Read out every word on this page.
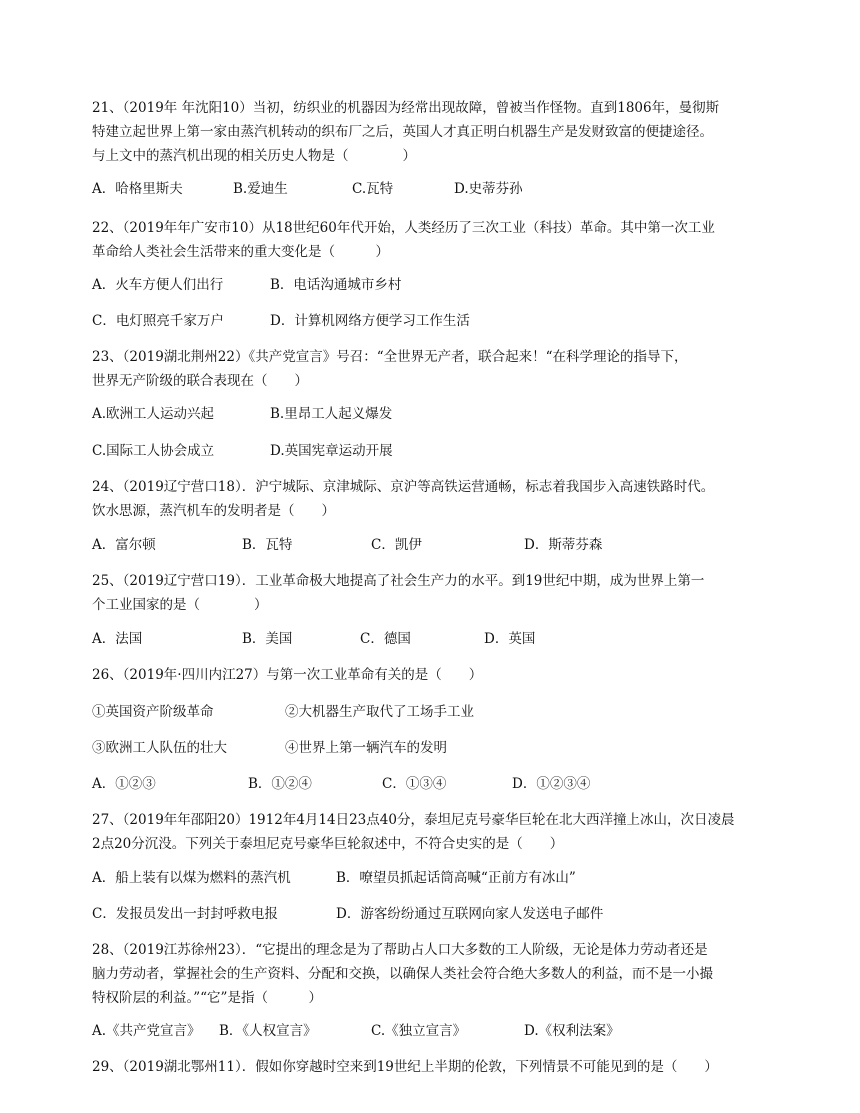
21、（2019年 年沈阳10）当初，纺织业的机器因为经常出现故障，曾被当作怪物。直到1806年，曼彻斯
特建立起世界上第一家由蒸汽机转动的织布厂之后，英国人才真正明白机器生产是发财致富的便捷途径。
与上文中的蒸汽机出现的相关历史人物是（　　　　）
A．哈格里斯夫	B.爱迪生	C.瓦特	D.史蒂芬孙
22、（2019年年广安市10）从18世纪60年代开始，人类经历了三次工业（科技）革命。其中第一次工业
革命给人类社会生活带来的重大变化是（　　　）
A．火车方便人们出行	B．电话沟通城市乡村
C．电灯照亮千家万户	D．计算机网络方便学习工作生活
23、（2019湖北荆州22）《共产党宣言》号召：“全世界无产者，联合起来！“在科学理论的指导下，
世界无产阶级的联合表现在（　　）
A.欧洲工人运动兴起	B.里昂工人起义爆发
C.国际工人协会成立	D.英国宪章运动开展
24、（2019辽宁营口18）．沪宁城际、京津城际、京沪等高铁运营通畅，标志着我国步入高速铁路时代。
饮水思源，蒸汽机车的发明者是（　　）
A．富尔顿	B．瓦特	C．凯伊	D．斯蒂芬森
25、（2019辽宁营口19）．工业革命极大地提高了社会生产力的水平。到19世纪中期，成为世界上第一
个工业国家的是（　　　　）
A．法国	B．美国	C．德国	D．英国
26、（2019年·四川内江27）与第一次工业革命有关的是（　　）
①英国资产阶级革命	②大机器生产取代了工场手工业
③欧洲工人队伍的壮大	④世界上第一辆汽车的发明
A．①②③	B．①②④	C．①③④	D．①②③④
27、（2019年年邵阳20）1912年4月14日23点40分，泰坦尼克号豪华巨轮在北大西洋撞上冰山，次日凌晨
2点20分沉没。下列关于泰坦尼克号豪华巨轮叙述中，不符合史实的是（　　）
A．船上装有以煤为燃料的蒸汽机	B．嘹望员抓起话筒高喊“正前方有冰山”
C．发报员发出一封封呼救电报	D．游客纷纷通过互联网向家人发送电子邮件
28、（2019江苏徐州23）．“它提出的理念是为了帮助占人口大多数的工人阶级，无论是体力劳动者还是
脑力劳动者，掌握社会的生产资料、分配和交换，以确保人类社会符合绝大多数人的利益，而不是一小撮
特权阶层的利益。”“它”是指（　　　）
A.《共产党宣言》 B．《人权宣言》	C.《独立宣言》	D.《权利法案》
29、（2019湖北鄂州11）．假如你穿越时空来到19世纪上半期的伦敦，下列情景不可能见到的是（　　）
